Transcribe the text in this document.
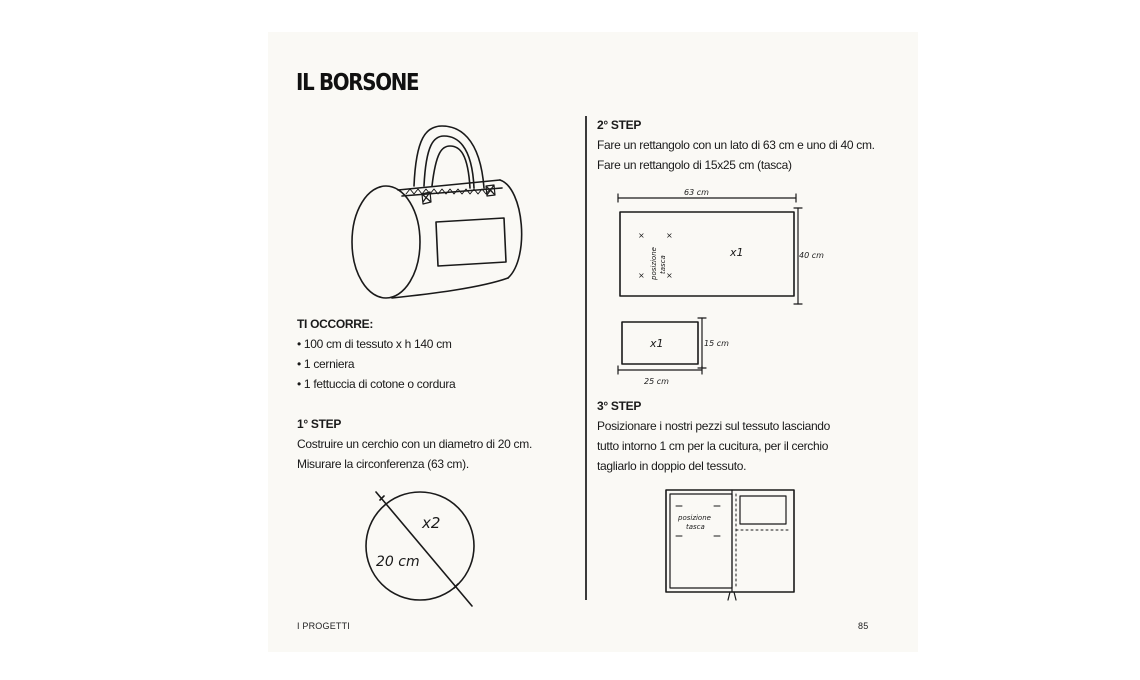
IL BORSONE
TI OCCORRE:
• 100 cm di tessuto x h 140 cm
• 1 cerniera
• 1 fettuccia di cotone o cordura
1° STEP
Costruire un cerchio con un diametro di 20 cm.
Misurare la circonferenza (63 cm).
x2
20 cm
2° STEP
Fare un rettangolo con un lato di 63 cm e uno di 40 cm.
Fare un rettangolo di 15x25 cm (tasca)
63 cm
40 cm
x1
×	×
×	×
posizione tasca
x1	15 cm
25 cm
3° STEP
Posizionare i nostri pezzi sul tessuto lasciando
tutto intorno 1 cm per la cucitura, per il cerchio
tagliarlo in doppio del tessuto.
posizione
tasca
I PROGETTI	85
